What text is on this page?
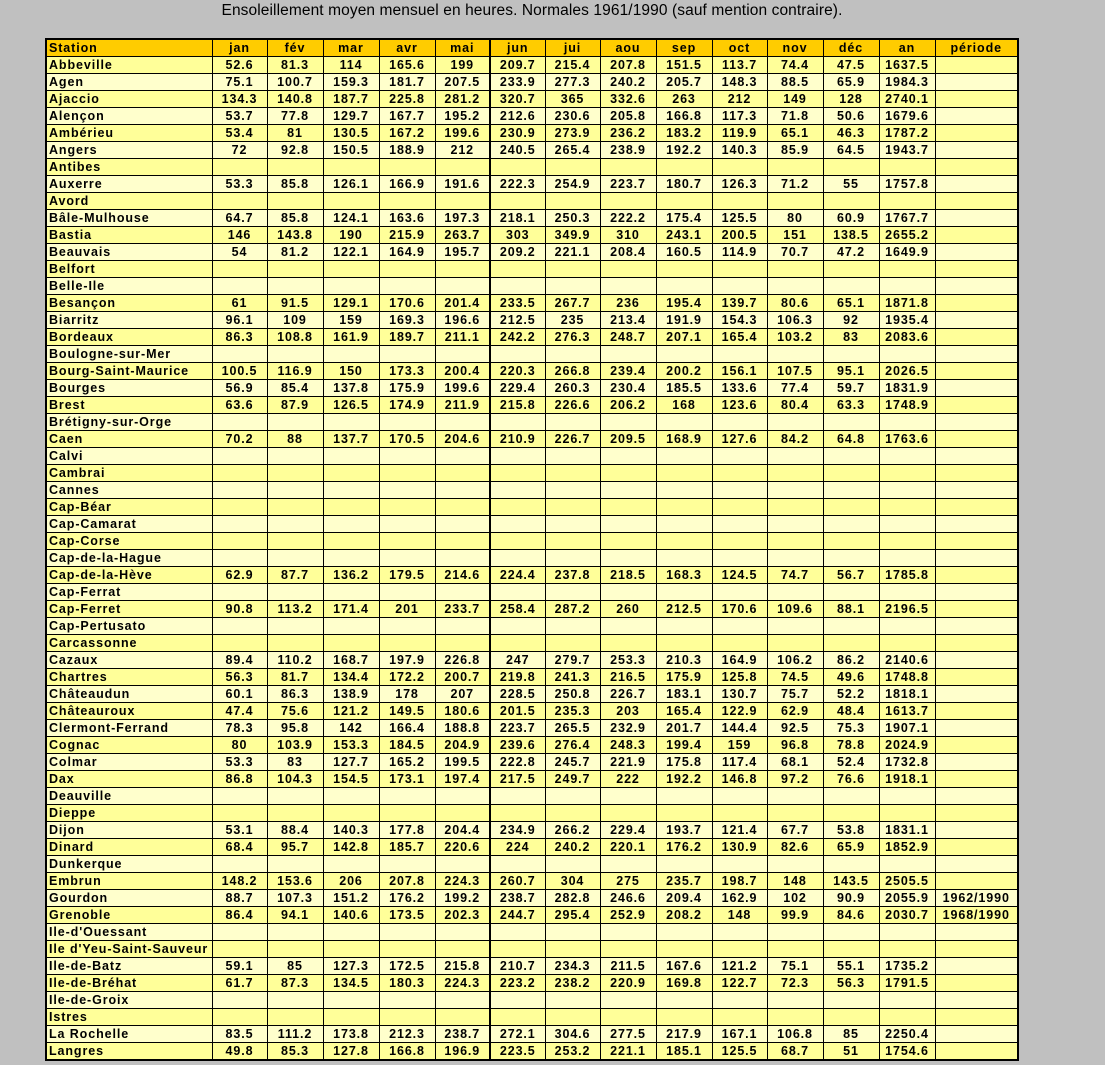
Ensoleillement moyen mensuel en heures. Normales 1961/1990 (sauf mention contraire).
Station	jan	fév	mar	avr	mai	jun	jui	aou	sep	oct	nov	déc	an	période
Abbeville	52.6	81.3	114	165.6	199	209.7	215.4	207.8	151.5	113.7	74.4	47.5	1637.5	
Agen	75.1	100.7	159.3	181.7	207.5	233.9	277.3	240.2	205.7	148.3	88.5	65.9	1984.3	
Ajaccio	134.3	140.8	187.7	225.8	281.2	320.7	365	332.6	263	212	149	128	2740.1	
Alençon	53.7	77.8	129.7	167.7	195.2	212.6	230.6	205.8	166.8	117.3	71.8	50.6	1679.6	
Ambérieu	53.4	81	130.5	167.2	199.6	230.9	273.9	236.2	183.2	119.9	65.1	46.3	1787.2	
Angers	72	92.8	150.5	188.9	212	240.5	265.4	238.9	192.2	140.3	85.9	64.5	1943.7	
Antibes														
Auxerre	53.3	85.8	126.1	166.9	191.6	222.3	254.9	223.7	180.7	126.3	71.2	55	1757.8	
Avord														
Bâle-Mulhouse	64.7	85.8	124.1	163.6	197.3	218.1	250.3	222.2	175.4	125.5	80	60.9	1767.7	
Bastia	146	143.8	190	215.9	263.7	303	349.9	310	243.1	200.5	151	138.5	2655.2	
Beauvais	54	81.2	122.1	164.9	195.7	209.2	221.1	208.4	160.5	114.9	70.7	47.2	1649.9	
Belfort														
Belle-Ile														
Besançon	61	91.5	129.1	170.6	201.4	233.5	267.7	236	195.4	139.7	80.6	65.1	1871.8	
Biarritz	96.1	109	159	169.3	196.6	212.5	235	213.4	191.9	154.3	106.3	92	1935.4	
Bordeaux	86.3	108.8	161.9	189.7	211.1	242.2	276.3	248.7	207.1	165.4	103.2	83	2083.6	
Boulogne-sur-Mer														
Bourg-Saint-Maurice	100.5	116.9	150	173.3	200.4	220.3	266.8	239.4	200.2	156.1	107.5	95.1	2026.5	
Bourges	56.9	85.4	137.8	175.9	199.6	229.4	260.3	230.4	185.5	133.6	77.4	59.7	1831.9	
Brest	63.6	87.9	126.5	174.9	211.9	215.8	226.6	206.2	168	123.6	80.4	63.3	1748.9	
Brétigny-sur-Orge														
Caen	70.2	88	137.7	170.5	204.6	210.9	226.7	209.5	168.9	127.6	84.2	64.8	1763.6	
Calvi														
Cambrai														
Cannes														
Cap-Béar														
Cap-Camarat														
Cap-Corse														
Cap-de-la-Hague														
Cap-de-la-Hève	62.9	87.7	136.2	179.5	214.6	224.4	237.8	218.5	168.3	124.5	74.7	56.7	1785.8	
Cap-Ferrat														
Cap-Ferret	90.8	113.2	171.4	201	233.7	258.4	287.2	260	212.5	170.6	109.6	88.1	2196.5	
Cap-Pertusato														
Carcassonne														
Cazaux	89.4	110.2	168.7	197.9	226.8	247	279.7	253.3	210.3	164.9	106.2	86.2	2140.6	
Chartres	56.3	81.7	134.4	172.2	200.7	219.8	241.3	216.5	175.9	125.8	74.5	49.6	1748.8	
Châteaudun	60.1	86.3	138.9	178	207	228.5	250.8	226.7	183.1	130.7	75.7	52.2	1818.1	
Châteauroux	47.4	75.6	121.2	149.5	180.6	201.5	235.3	203	165.4	122.9	62.9	48.4	1613.7	
Clermont-Ferrand	78.3	95.8	142	166.4	188.8	223.7	265.5	232.9	201.7	144.4	92.5	75.3	1907.1	
Cognac	80	103.9	153.3	184.5	204.9	239.6	276.4	248.3	199.4	159	96.8	78.8	2024.9	
Colmar	53.3	83	127.7	165.2	199.5	222.8	245.7	221.9	175.8	117.4	68.1	52.4	1732.8	
Dax	86.8	104.3	154.5	173.1	197.4	217.5	249.7	222	192.2	146.8	97.2	76.6	1918.1	
Deauville														
Dieppe														
Dijon	53.1	88.4	140.3	177.8	204.4	234.9	266.2	229.4	193.7	121.4	67.7	53.8	1831.1	
Dinard	68.4	95.7	142.8	185.7	220.6	224	240.2	220.1	176.2	130.9	82.6	65.9	1852.9	
Dunkerque														
Embrun	148.2	153.6	206	207.8	224.3	260.7	304	275	235.7	198.7	148	143.5	2505.5	
Gourdon	88.7	107.3	151.2	176.2	199.2	238.7	282.8	246.6	209.4	162.9	102	90.9	2055.9	1962/1990
Grenoble	86.4	94.1	140.6	173.5	202.3	244.7	295.4	252.9	208.2	148	99.9	84.6	2030.7	1968/1990
Ile-d'Ouessant														
Ile d'Yeu-Saint-Sauveur														
Ile-de-Batz	59.1	85	127.3	172.5	215.8	210.7	234.3	211.5	167.6	121.2	75.1	55.1	1735.2	
Ile-de-Bréhat	61.7	87.3	134.5	180.3	224.3	223.2	238.2	220.9	169.8	122.7	72.3	56.3	1791.5	
Ile-de-Groix														
Istres														
La Rochelle	83.5	111.2	173.8	212.3	238.7	272.1	304.6	277.5	217.9	167.1	106.8	85	2250.4	
Langres	49.8	85.3	127.8	166.8	196.9	223.5	253.2	221.1	185.1	125.5	68.7	51	1754.6	
